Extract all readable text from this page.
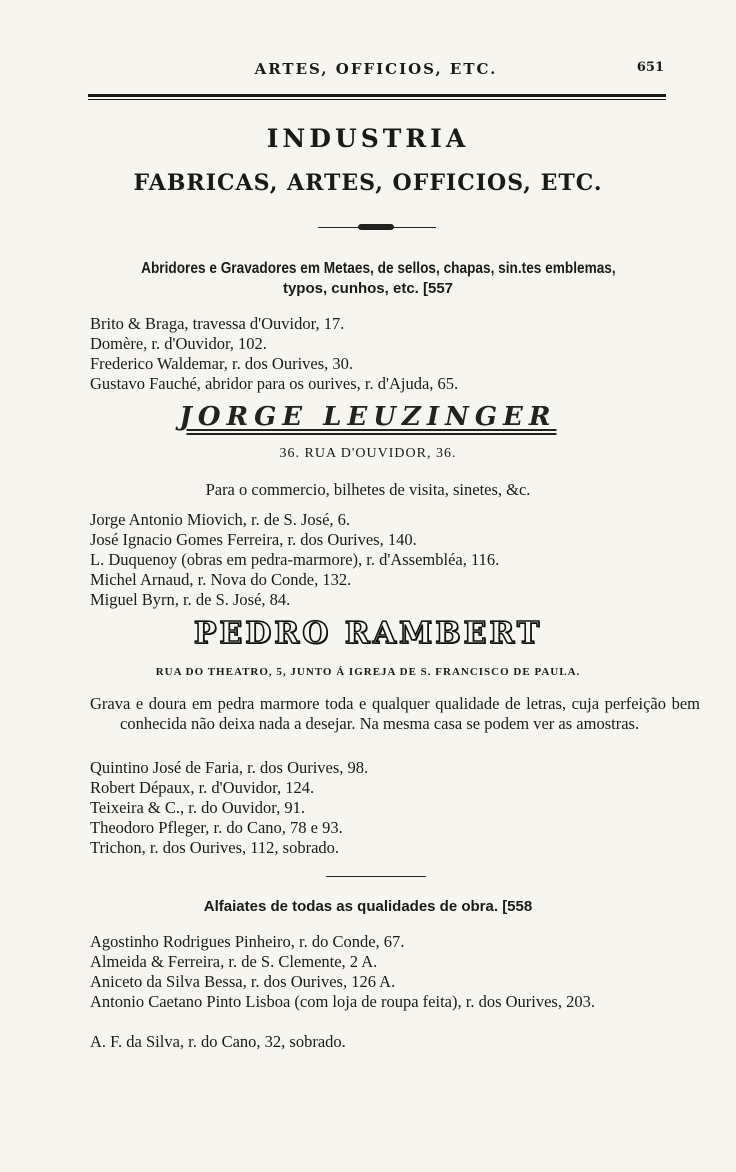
ARTES, OFFICIOS, ETC.	651
INDUSTRIA
FABRICAS, ARTES, OFFICIOS, ETC.
Abridores e Gravadores em Metaes, de sellos, chapas, sin.tes emblemas,
typos, cunhos, etc. [557
Brito & Braga, travessa d'Ouvidor, 17.
Domère, r. d'Ouvidor, 102.
Frederico Waldemar, r. dos Ourives, 30.
Gustavo Fauché, abridor para os ourives, r. d'Ajuda, 65.
JORGE LEUZINGER
36. RUA D'OUVIDOR, 36.
Para o commercio, bilhetes de visita, sinetes, &c.
Jorge Antonio Miovich, r. de S. José, 6.
José Ignacio Gomes Ferreira, r. dos Ourives, 140.
L. Duquenoy (obras em pedra-marmore), r. d'Assembléa, 116.
Michel Arnaud, r. Nova do Conde, 132.
Miguel Byrn, r. de S. José, 84.
PEDRO RAMBERT
RUA DO THEATRO, 5, JUNTO Á IGREJA DE S. FRANCISCO DE PAULA.
Grava e doura em pedra marmore toda e qualquer qualidade de letras, cuja perfeição bem conhecida não deixa nada a desejar. Na mesma casa se podem ver as amostras.
Quintino José de Faria, r. dos Ourives, 98.
Robert Dépaux, r. d'Ouvidor, 124.
Teixeira & C., r. do Ouvidor, 91.
Theodoro Pfleger, r. do Cano, 78 e 93.
Trichon, r. dos Ourives, 112, sobrado.
Alfaiates de todas as qualidades de obra. [558
Agostinho Rodrigues Pinheiro, r. do Conde, 67.
Almeida & Ferreira, r. de S. Clemente, 2 A.
Aniceto da Silva Bessa, r. dos Ourives, 126 A.
Antonio Caetano Pinto Lisboa (com loja de roupa feita), r. dos Ourives, 203.
A. F. da Silva, r. do Cano, 32, sobrado.
